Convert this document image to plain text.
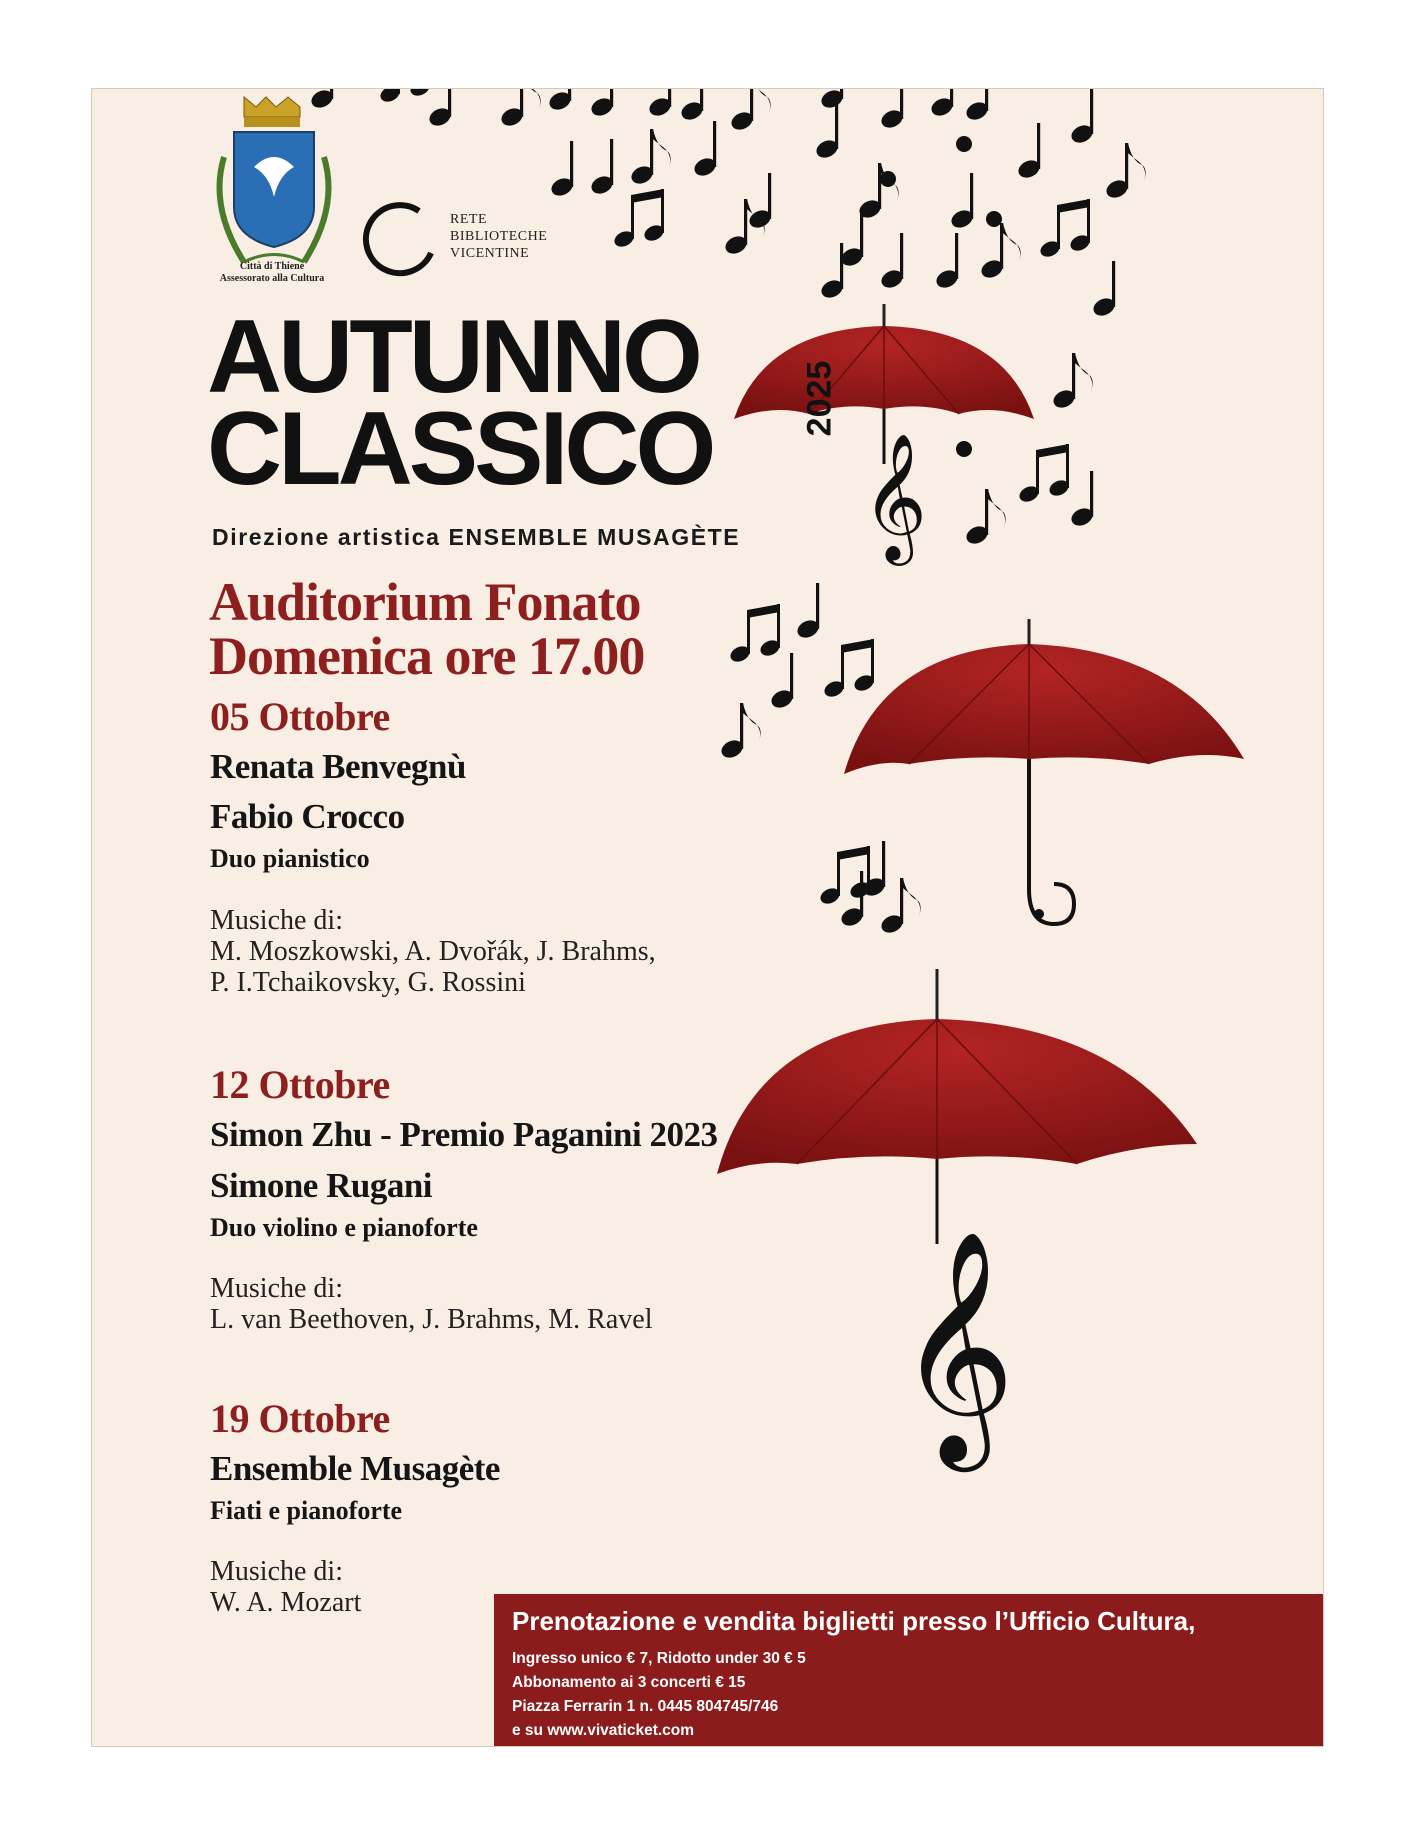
𝄞
𝄞
Città di Thiene
Assessorato alla Cultura
RETE
BIBLIOTECHE
VICENTINE
AUTUNNO
CLASSICO	2025
Direzione artistica ENSEMBLE MUSAGÈTE
Auditorium Fonato
Domenica ore 17.00
05 Ottobre
Renata Benvegnù
Fabio Crocco
Duo pianistico
Musiche di:
M. Moszkowski, A. Dvořák, J. Brahms,
P. I.Tchaikovsky, G. Rossini
12 Ottobre
Simon Zhu - Premio Paganini 2023
Simone Rugani
Duo violino e pianoforte
Musiche di:
L. van Beethoven, J. Brahms, M. Ravel
19 Ottobre
Ensemble Musagète
Fiati e pianoforte
Musiche di:
W. A. Mozart
Prenotazione e vendita biglietti presso l’Ufficio Cultura,
Ingresso unico € 7, Ridotto under 30 € 5
Abbonamento ai 3 concerti € 15
Piazza Ferrarin 1 n. 0445 804745/746
e su www.vivaticket.com
